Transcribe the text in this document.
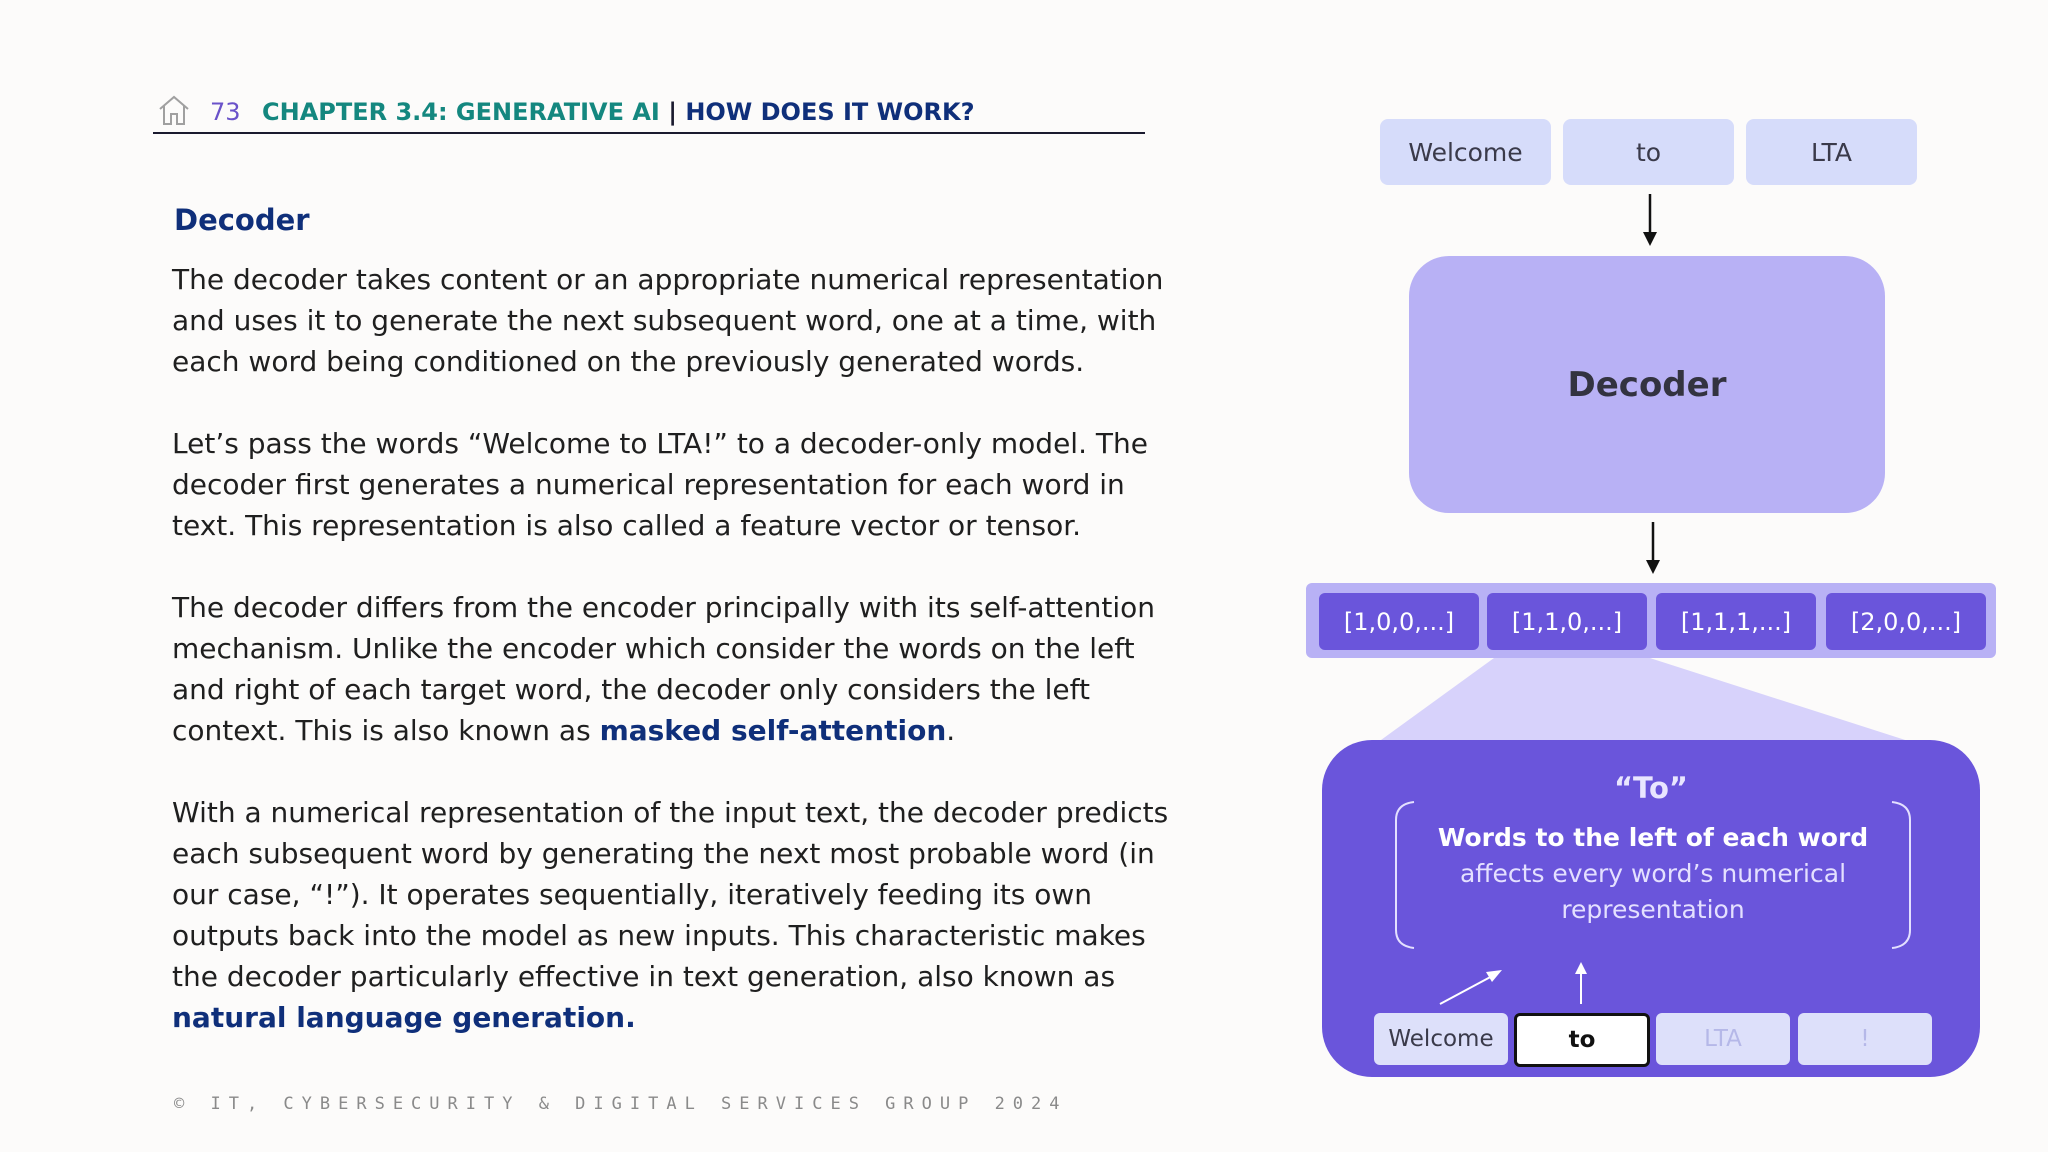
73 CHAPTER 3.4: GENERATIVE AI | HOW DOES IT WORK?
Decoder
The decoder takes content or an appropriate numerical representation and uses it to generate the next subsequent word, one at a time, with each word being conditioned on the previously generated words.
Let’s pass the words “Welcome to LTA!” to a decoder-only model. The decoder first generates a numerical representation for each word in text. This representation is also called a feature vector or tensor.
The decoder differs from the encoder principally with its self-attention mechanism. Unlike the encoder which consider the words on the left and right of each target word, the decoder only considers the left context. This is also known as masked self-attention.
With a numerical representation of the input text, the decoder predicts each subsequent word by generating the next most probable word (in our case, “!”). It operates sequentially, iteratively feeding its own outputs back into the model as new inputs. This characteristic makes the decoder particularly effective in text generation, also known as natural language generation.
© IT, CYBERSECURITY & DIGITAL SERVICES GROUP 2024
Welcome	to	LTA
Decoder
[1,0,0,...]	[1,1,0,...]	[1,1,1,...]	[2,0,0,...]
“To”
Words to the left of each word affects every word’s numerical representation
Welcome	to	LTA	!
